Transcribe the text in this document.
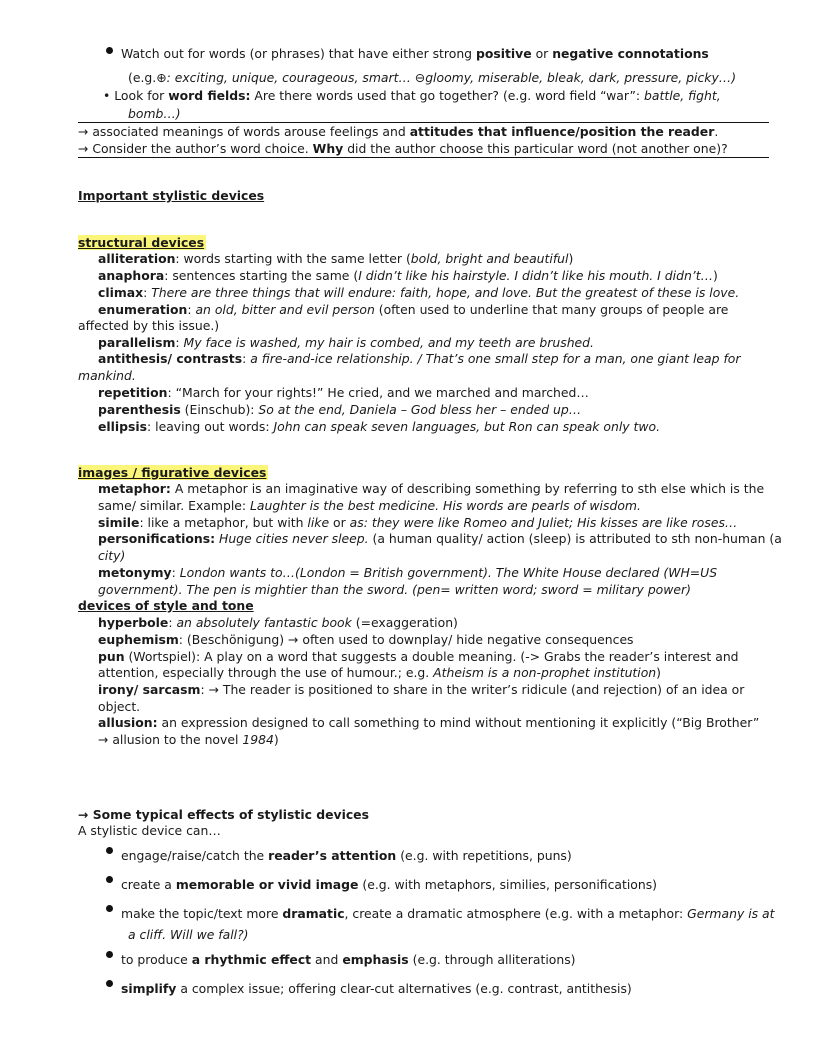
Watch out for words (or phrases) that have either strong positive or negative connotations
(e.g.⊕: exciting, unique, courageous, smart… ⊖gloomy, miserable, bleak, dark, pressure, picky…)
• Look for word fields: Are there words used that go together? (e.g. word field “war”: battle, fight,
bomb…)
→ associated meanings of words arouse feelings and attitudes that influence/position the reader.
→ Consider the author’s word choice. Why did the author choose this particular word (not another one)?
Important stylistic devices
structural devices
alliteration: words starting with the same letter (bold, bright and beautiful)
anaphora: sentences starting the same (I didn’t like his hairstyle. I didn’t like his mouth. I didn’t…)
climax: There are three things that will endure: faith, hope, and love. But the greatest of these is love.
enumeration: an old, bitter and evil person (often used to underline that many groups of people are
affected by this issue.)
parallelism: My face is washed, my hair is combed, and my teeth are brushed.
antithesis/ contrasts: a fire-and-ice relationship. / That’s one small step for a man, one giant leap for
mankind.
repetition: “March for your rights!” He cried, and we marched and marched…
parenthesis (Einschub): So at the end, Daniela – God bless her – ended up…
ellipsis: leaving out words: John can speak seven languages, but Ron can speak only two.
images / figurative devices
metaphor: A metaphor is an imaginative way of describing something by referring to sth else which is the
same/ similar. Example: Laughter is the best medicine. His words are pearls of wisdom.
simile: like a metaphor, but with like or as: they were like Romeo and Juliet; His kisses are like roses…
personifications: Huge cities never sleep. (a human quality/ action (sleep) is attributed to sth non-human (a
city)
metonymy: London wants to…(London = British government). The White House declared (WH=US
government). The pen is mightier than the sword. (pen= written word; sword = military power)
devices of style and tone
hyperbole: an absolutely fantastic book (=exaggeration)
euphemism: (Beschönigung) → often used to downplay/ hide negative consequences
pun (Wortspiel): A play on a word that suggests a double meaning. (-> Grabs the reader’s interest and
attention, especially through the use of humour.; e.g. Atheism is a non-prophet institution)
irony/ sarcasm: → The reader is positioned to share in the writer’s ridicule (and rejection) of an idea or
object.
allusion: an expression designed to call something to mind without mentioning it explicitly (“Big Brother”
→ allusion to the novel 1984)
→ Some typical effects of stylistic devices
A stylistic device can…
engage/raise/catch the reader’s attention (e.g. with repetitions, puns)
create a memorable or vivid image (e.g. with metaphors, similies, personifications)
make the topic/text more dramatic, create a dramatic atmosphere (e.g. with a metaphor: Germany is at
a cliff. Will we fall?)
to produce a rhythmic effect and emphasis (e.g. through alliterations)
simplify a complex issue; offering clear-cut alternatives (e.g. contrast, antithesis)
